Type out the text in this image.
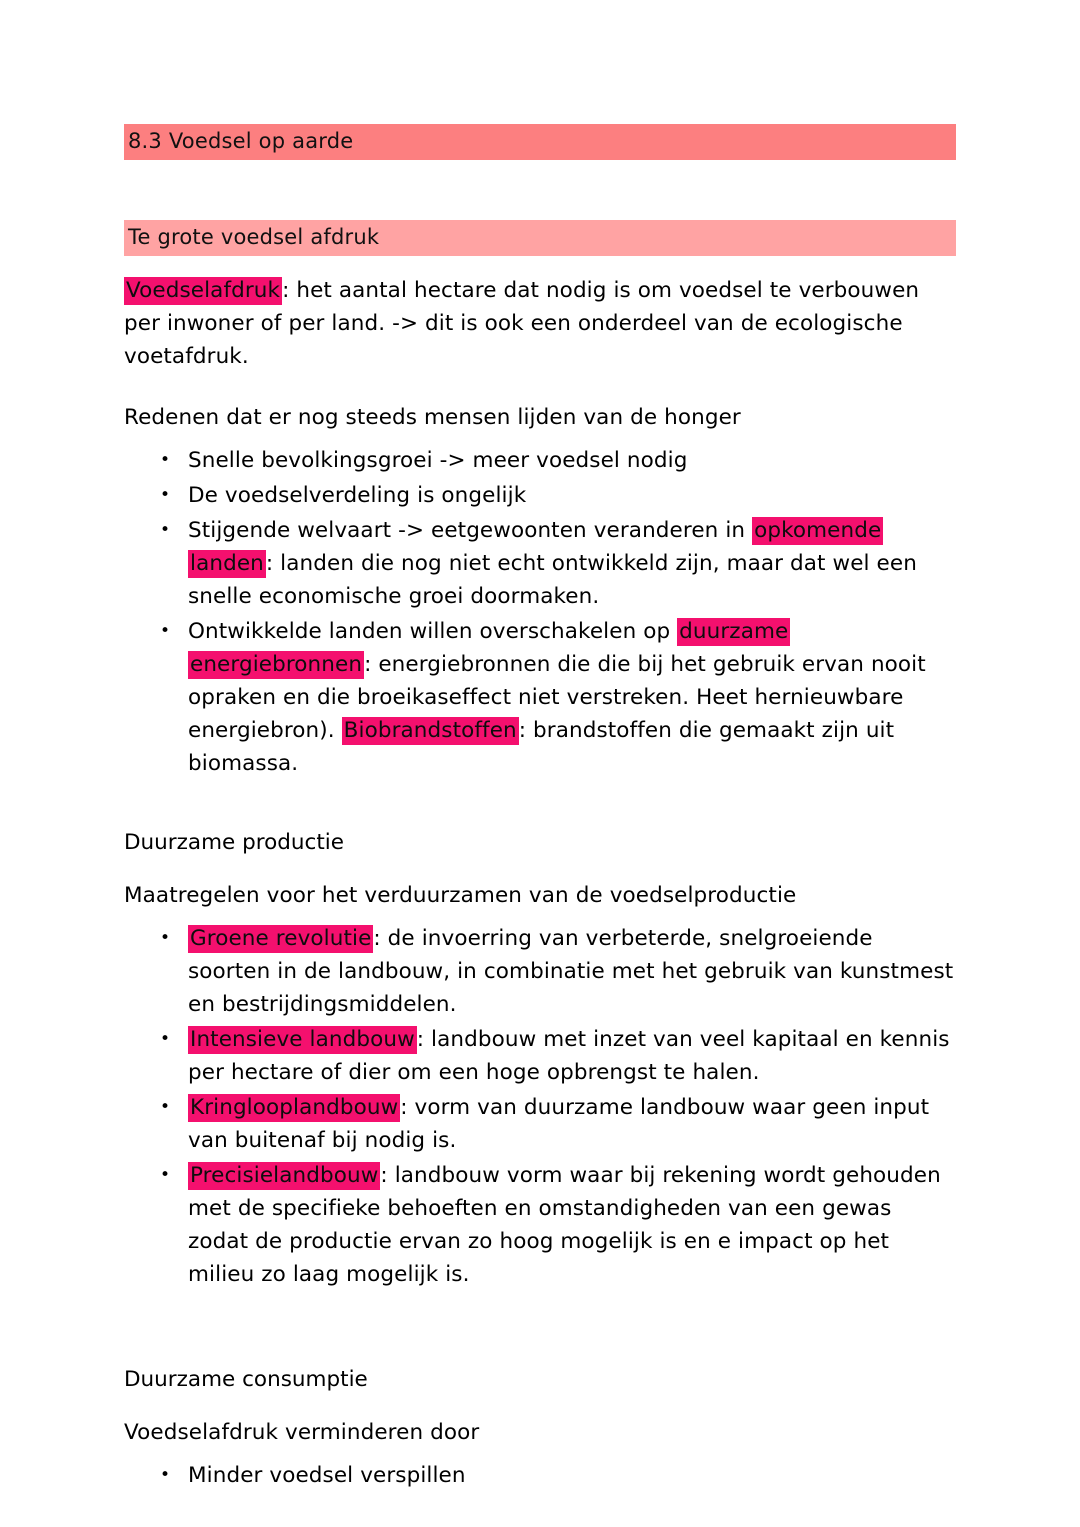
8.3 Voedsel op aarde
Te grote voedsel afdruk

Voedselafdruk: het aantal hectare dat nodig is om voedsel te verbouwen per inwoner of per land. -> dit is ook een onderdeel van de ecologische voetafdruk.

Redenen dat er nog steeds mensen lijden van de honger

• Snelle bevolkingsgroei -> meer voedsel nodig
• De voedselverdeling is ongelijk
• Stijgende welvaart -> eetgewoonten veranderen in opkomende landen: landen die nog niet echt ontwikkeld zijn, maar dat wel een snelle economische groei doormaken.
• Ontwikkelde landen willen overschakelen op duurzame energiebronnen: energiebronnen die die bij het gebruik ervan nooit opraken en die broeikaseffect niet verstreken. Heet hernieuwbare energiebron). Biobrandstoffen: brandstoffen die gemaakt zijn uit biomassa.

Duurzame productie

Maatregelen voor het verduurzamen van de voedselproductie

• Groene revolutie: de invoerring van verbeterde, snelgroeiende soorten in de landbouw, in combinatie met het gebruik van kunstmest en bestrijdingsmiddelen.
• Intensieve landbouw: landbouw met inzet van veel kapitaal en kennis per hectare of dier om een hoge opbrengst te halen.
• Kringlooplandbouw: vorm van duurzame landbouw waar geen input van buitenaf bij nodig is.
• Precisielandbouw: landbouw vorm waar bij rekening wordt gehouden met de specifieke behoeften en omstandigheden van een gewas zodat de productie ervan zo hoog mogelijk is en e impact op het milieu zo laag mogelijk is.

Duurzame consumptie

Voedselafdruk verminderen door

• Minder voedsel verspillen
